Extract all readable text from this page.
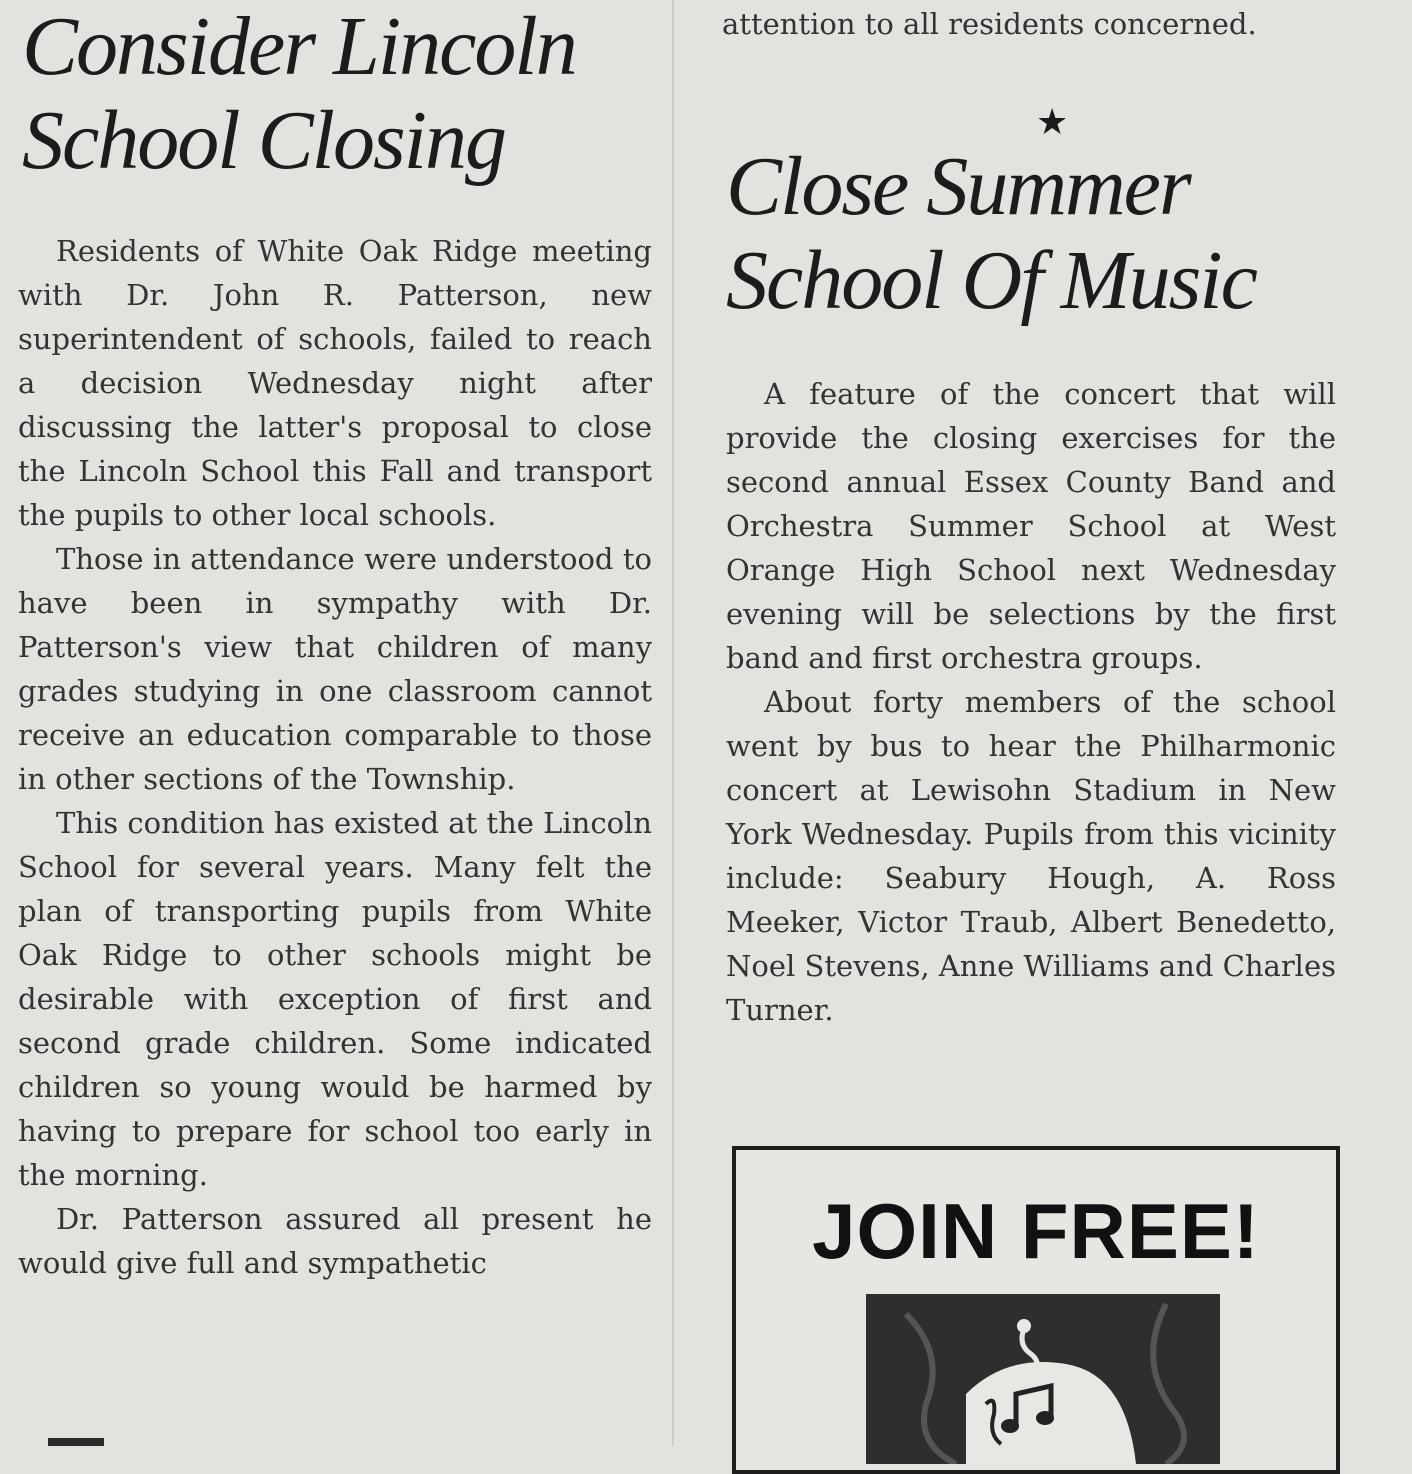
Consider Lincoln
School Closing

Residents of White Oak Ridge meeting with Dr. John R. Patterson, new superintendent of schools, failed to reach a decision Wednesday night after discussing the latter's proposal to close the Lincoln School this Fall and transport the pupils to other local schools.

Those in attendance were understood to have been in sympathy with Dr. Patterson's view that children of many grades studying in one classroom cannot receive an education comparable to those in other sections of the Township.

This condition has existed at the Lincoln School for several years. Many felt the plan of transporting pupils from White Oak Ridge to other schools might be desirable with exception of first and second grade children. Some indicated children so young would be harmed by having to prepare for school too early in the morning.

Dr. Patterson assured all present he would give full and sympathetic

attention to all residents concerned.

★
Close Summer
School Of Music

A feature of the concert that will provide the closing exercises for the second annual Essex County Band and Orchestra Summer School at West Orange High School next Wednesday evening will be selections by the first band and first orchestra groups.

About forty members of the school went by bus to hear the Philharmonic concert at Lewisohn Stadium in New York Wednesday. Pupils from this vicinity include: Seabury Hough, A. Ross Meeker, Victor Traub, Albert Benedetto, Noel Stevens, Anne Williams and Charles Turner.

JOIN FREE!
